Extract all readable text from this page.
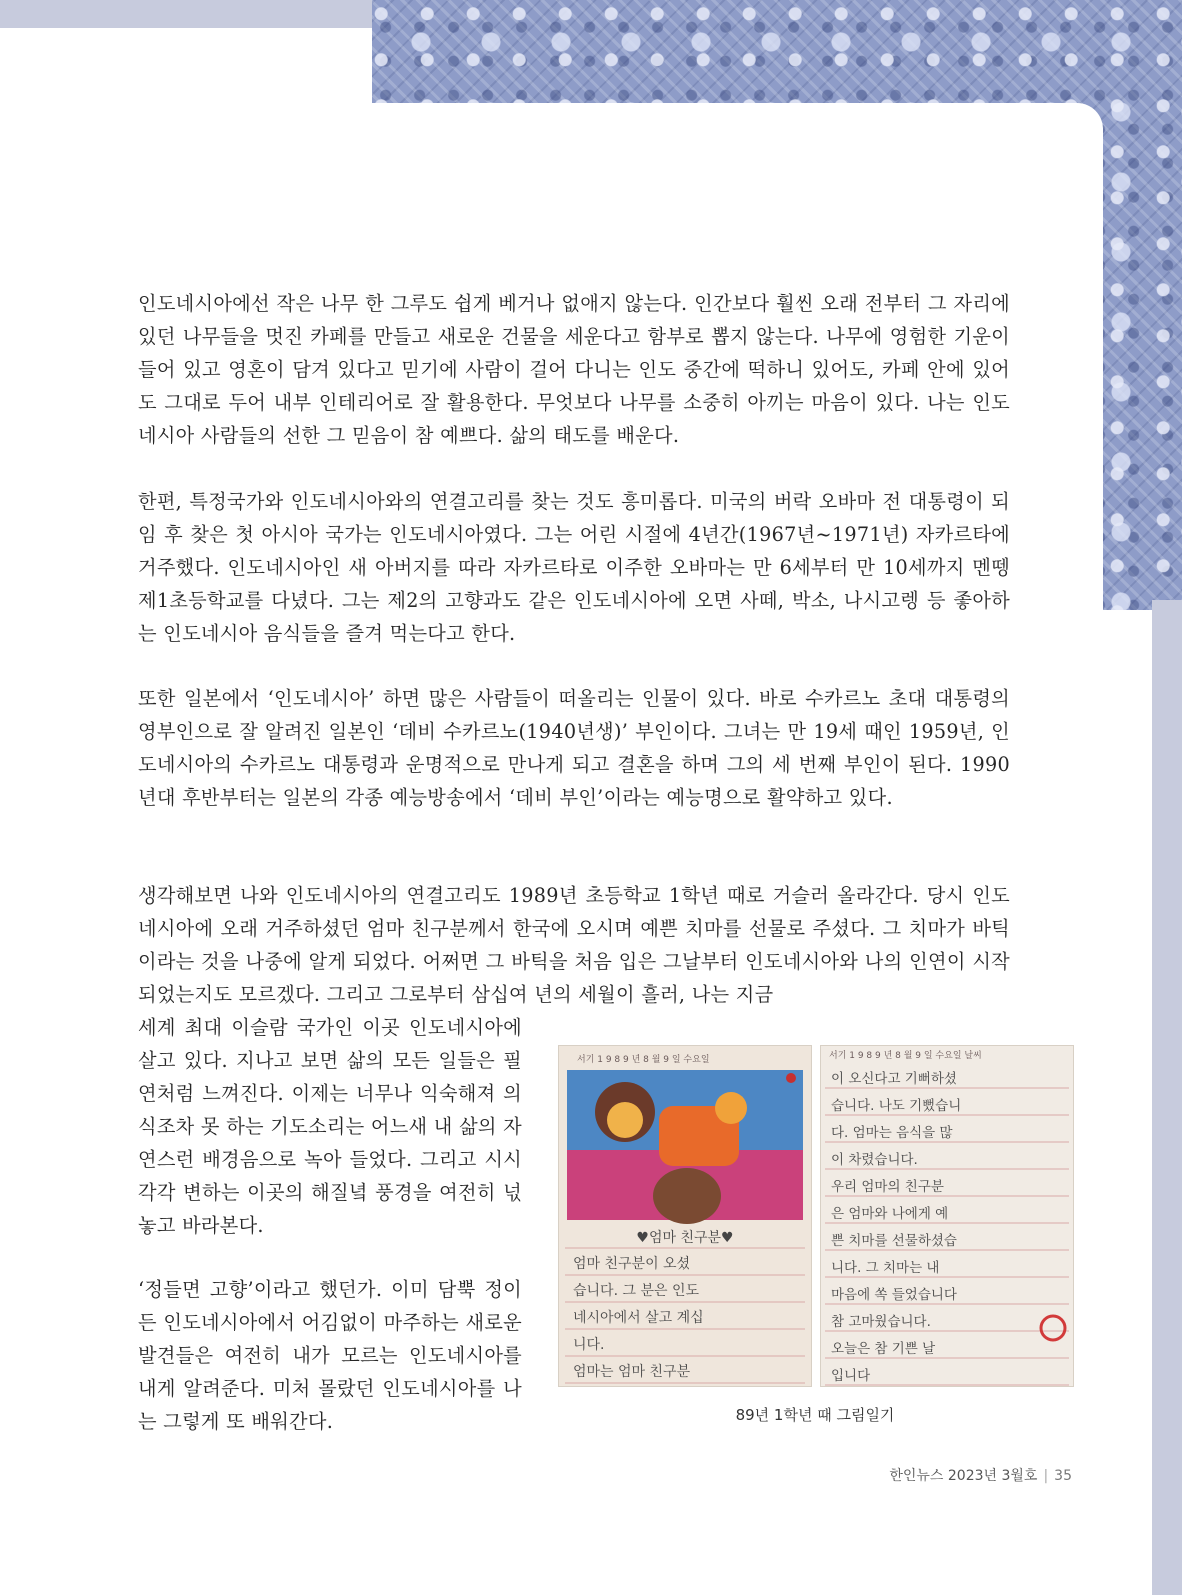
인도네시아에선 작은 나무 한 그루도 쉽게 베거나 없애지 않는다. 인간보다 훨씬 오래 전부터 그 자리에 있던 나무들을 멋진 카페를 만들고 새로운 건물을 세운다고 함부로 뽑지 않는다. 나무에 영험한 기운이 들어 있고 영혼이 담겨 있다고 믿기에 사람이 걸어 다니는 인도 중간에 떡하니 있어도, 카페 안에 있어도 그대로 두어 내부 인테리어로 잘 활용한다. 무엇보다 나무를 소중히 아끼는 마음이 있다. 나는 인도네시아 사람들의 선한 그 믿음이 참 예쁘다. 삶의 태도를 배운다.

한편, 특정국가와 인도네시아와의 연결고리를 찾는 것도 흥미롭다. 미국의 버락 오바마 전 대통령이 되임 후 찾은 첫 아시아 국가는 인도네시아였다. 그는 어린 시절에 4년간(1967년~1971년) 자카르타에 거주했다. 인도네시아인 새 아버지를 따라 자카르타로 이주한 오바마는 만 6세부터 만 10세까지 멘뗑 제1초등학교를 다녔다. 그는 제2의 고향과도 같은 인도네시아에 오면 사떼, 박소, 나시고렝 등 좋아하는 인도네시아 음식들을 즐겨 먹는다고 한다.

또한 일본에서 ‘인도네시아’ 하면 많은 사람들이 떠올리는 인물이 있다. 바로 수카르노 초대 대통령의 영부인으로 잘 알려진 일본인 ‘데비 수카르노(1940년생)’ 부인이다. 그녀는 만 19세 때인 1959년, 인도네시아의 수카르노 대통령과 운명적으로 만나게 되고 결혼을 하며 그의 세 번째 부인이 된다. 1990년대 후반부터는 일본의 각종 예능방송에서 ‘데비 부인’이라는 예능명으로 활약하고 있다.

생각해보면 나와 인도네시아의 연결고리도 1989년 초등학교 1학년 때로 거슬러 올라간다. 당시 인도네시아에 오래 거주하셨던 엄마 친구분께서 한국에 오시며 예쁜 치마를 선물로 주셨다. 그 치마가 바틱이라는 것을 나중에 알게 되었다. 어쩌면 그 바틱을 처음 입은 그날부터 인도네시아와 나의 인연이 시작되었는지도 모르겠다. 그리고 그로부터 삼십여 년의 세월이 흘러, 나는 지금

세계 최대 이슬람 국가인 이곳 인도네시아에 살고 있다. 지나고 보면 삶의 모든 일들은 필연처럼 느껴진다. 이제는 너무나 익숙해져 의식조차 못 하는 기도소리는 어느새 내 삶의 자연스런 배경음으로 녹아 들었다. 그리고 시시각각 변하는 이곳의 해질녘 풍경을 여전히 넋 놓고 바라본다.

‘정들면 고향’이라고 했던가. 이미 담뿍 정이 든 인도네시아에서 어김없이 마주하는 새로운 발견들은 여전히 내가 모르는 인도네시아를 내게 알려준다. 미처 몰랐던 인도네시아를 나는 그렇게 또 배워간다.

서기 1 9 8 9 년 8 월 9 일 수요일
♥엄마 친구분♥
엄마 친구분이 오셨
습니다. 그 분은 인도
네시아에서 살고 계십
니다.
엄마는 엄마 친구분
서기 1 9 8 9 년 8 월 9 일 수요일 날씨
이 오신다고 기뻐하셨
습니다. 나도 기뻤습니
다. 엄마는 음식을 많
이 차렸습니다.
우리 엄마의 친구분
은 엄마와 나에게 예
쁜 치마를 선물하셨습
니다. 그 치마는 내
마음에 쏙 들었습니다
참 고마웠습니다.
오늘은 참 기쁜 날
입니다

89년 1학년 때 그림일기

한인뉴스 2023년 3월호 | 35
